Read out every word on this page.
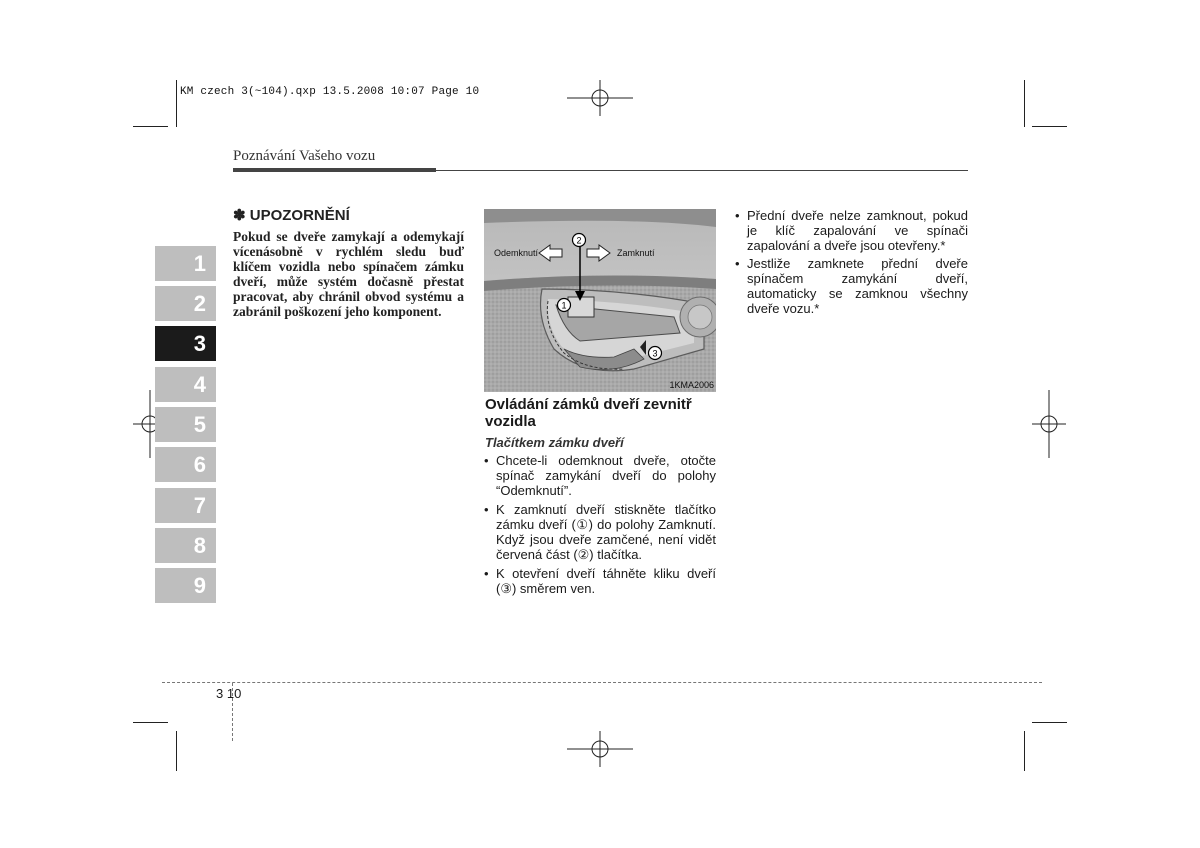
KM czech 3(~104).qxp 13.5.2008 10:07 Page 10
Poznávání Vašeho vozu
1
2
3
4
5
6
7
8
9
✽ UPOZORNĚNÍ
Pokud se dveře zamykají a odemykají vícenásobně v rychlém sledu buď klíčem vozidla nebo spínačem zámku dveří, může systém dočasně přestat pracovat, aby chránil obvod systému a zabránil poškození jeho komponent.
2
1
3
Odemknutí	Zamknutí
1KMA2006
Ovládání zámků dveří zevnitř vozidla
Tlačítkem zámku dveří
• Chcete-li odemknout dveře, otočte spínač zamykání dveří do polohy “Odemknutí”.
• K zamknutí dveří stiskněte tlačítko zámku dveří (①) do polohy Zamknutí. Když jsou dveře zamčené, není vidět červená část (②) tlačítka.
• K otevření dveří táhněte kliku dveří (③) směrem ven.
• Přední dveře nelze zamknout, pokud je klíč zapalování ve spínači zapalování a dveře jsou otevřeny.*
• Jestliže zamknete přední dveře spínačem zamykání dveří, automaticky se zamknou všechny dveře vozu.*
3 10
